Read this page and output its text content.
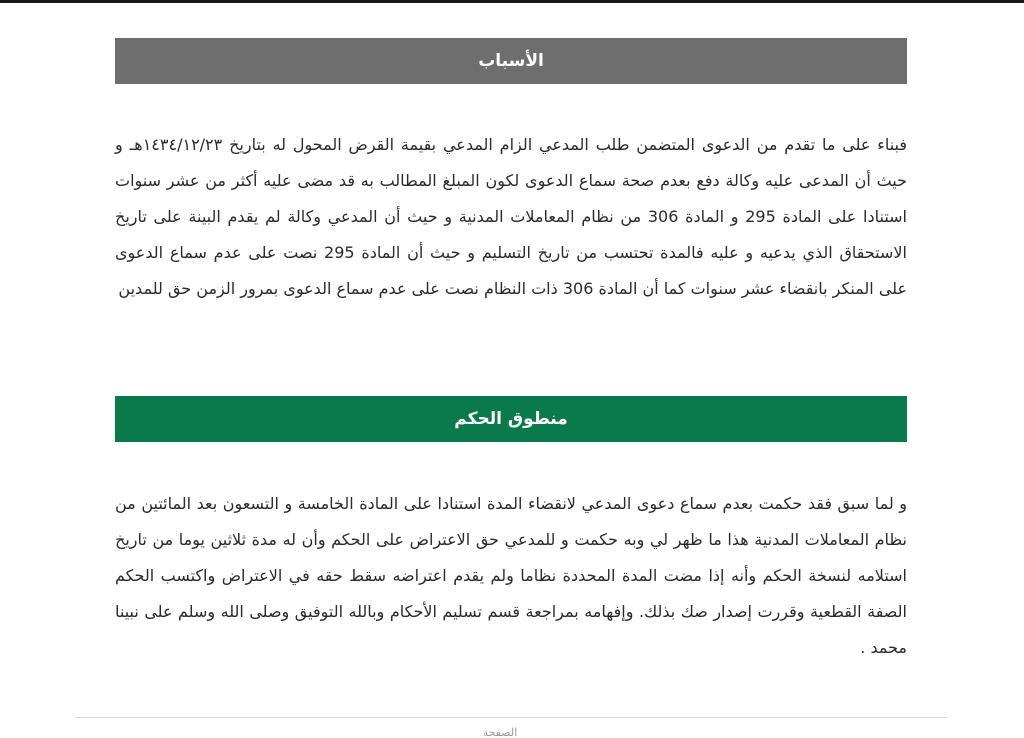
الأسباب

فبناء على ما تقدم من الدعوى المتضمن طلب المدعي الزام المدعي بقيمة القرض المحول له بتاريخ ١٤٣٤/١٢/٢٣هـ و حيث أن المدعى عليه وكالة دفع بعدم صحة سماع الدعوى لكون المبلغ المطالب به قد مضى عليه أكثر من عشر سنوات استنادا على المادة 295 و المادة 306 من نظام المعاملات المدنية و حيث أن المدعي وكالة لم يقدم البينة على تاريخ الاستحقاق الذي يدعيه و عليه فالمدة تحتسب من تاريخ التسليم و حيث أن المادة 295 نصت على عدم سماع الدعوى على المنكر بانقضاء عشر سنوات كما أن المادة 306 ذات النظام نصت على عدم سماع الدعوى بمرور الزمن حق للمدين

منطوق الحكم

و لما سبق فقد حكمت بعدم سماع دعوى المدعي لانقضاء المدة استنادا على المادة الخامسة و التسعون بعد المائتين من نظام المعاملات المدنية هذا ما ظهر لي وبه حكمت و للمدعي حق الاعتراض على الحكم وأن له مدة ثلاثين يوما من تاريخ استلامه لنسخة الحكم وأنه إذا مضت المدة المحددة نظاما ولم يقدم اعتراضه سقط حقه في الاعتراض واكتسب الحكم الصفة القطعية وقررت إصدار صك بذلك. وإفهامه بمراجعة قسم تسليم الأحكام وبالله التوفيق وصلى الله وسلم على نبينا محمد .

الصفحة
